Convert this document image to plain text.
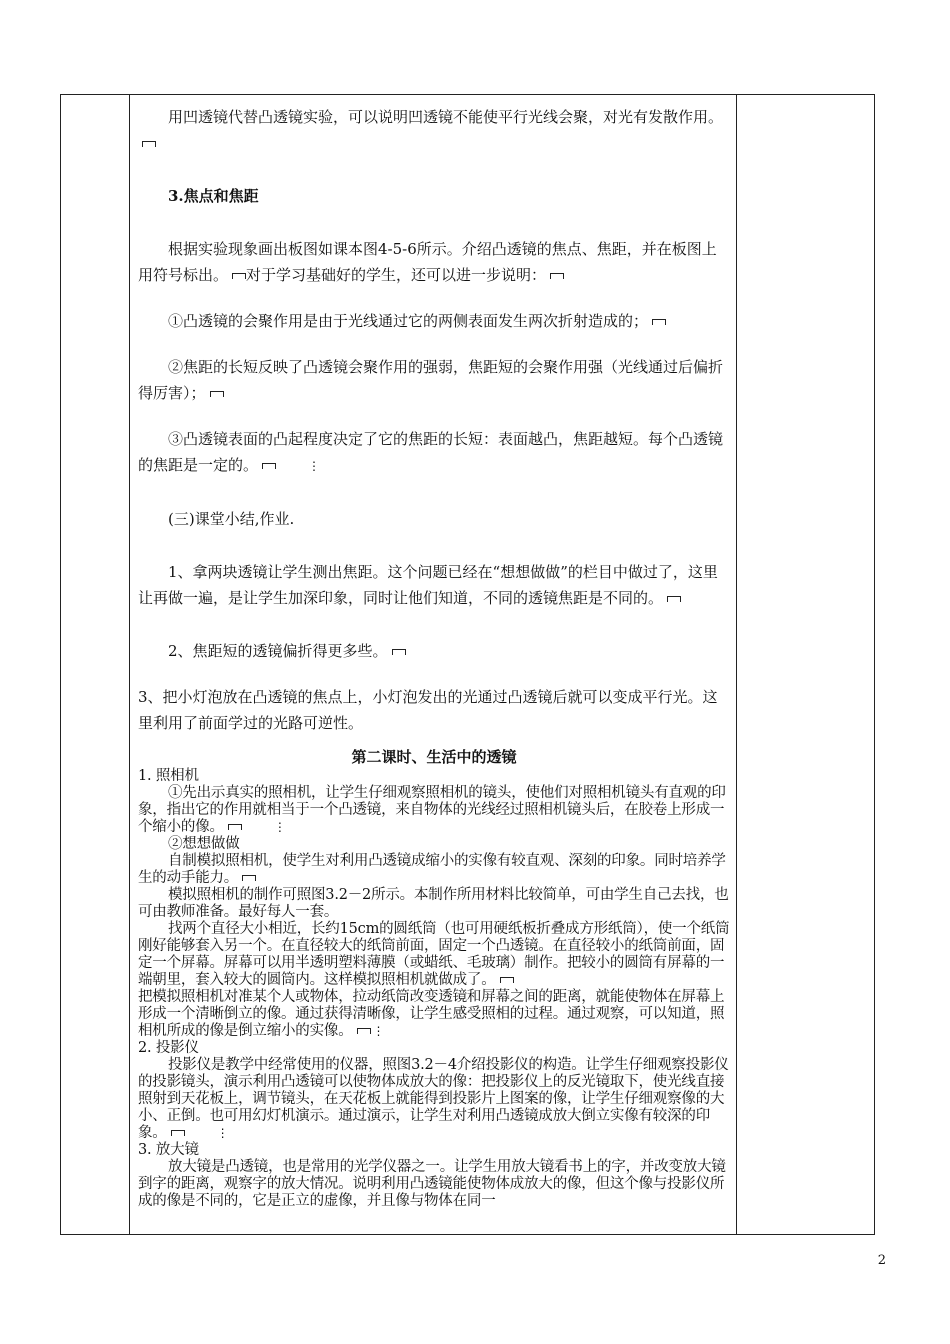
用凹透镜代替凸透镜实验，可以说明凹透镜不能使平行光线会聚，对光有发散作用。

3.焦点和焦距

根据实验现象画出板图如课本图4-5-6所示。介绍凸透镜的焦点、焦距，并在板图上用符号标出。 对于学习基础好的学生，还可以进一步说明：

①凸透镜的会聚作用是由于光线通过它的两侧表面发生两次折射造成的；

②焦距的长短反映了凸透镜会聚作用的强弱，焦距短的会聚作用强（光线通过后偏折得厉害）；

③凸透镜表面的凸起程度决定了它的焦距的长短：表面越凸，焦距越短。每个凸透镜的焦距是一定的。	⋮

(三)课堂小结,作业.

1、拿两块透镜让学生测出焦距。这个问题已经在“想想做做”的栏目中做过了，这里让再做一遍，是让学生加深印象，同时让他们知道，不同的透镜焦距是不同的。

2、焦距短的透镜偏折得更多些。

3、把小灯泡放在凸透镜的焦点上，小灯泡发出的光通过凸透镜后就可以变成平行光。这里利用了前面学过的光路可逆性。

第二课时、生活中的透镜

1. 照相机

①先出示真实的照相机，让学生仔细观察照相机的镜头，使他们对照相机镜头有直观的印象，指出它的作用就相当于一个凸透镜，来自物体的光线经过照相机镜头后，在胶卷上形成一个缩小的像。	⋮

②想想做做

自制模拟照相机，使学生对利用凸透镜成缩小的实像有较直观、深刻的印象。同时培养学生的动手能力。

模拟照相机的制作可照图3.2－2所示。本制作所用材料比较简单，可由学生自己去找，也可由教师准备。最好每人一套。

找两个直径大小相近，长约15cm的圆纸筒（也可用硬纸板折叠成方形纸筒），使一个纸筒刚好能够套入另一个。在直径较大的纸筒前面，固定一个凸透镜。在直径较小的纸筒前面，固定一个屏幕。屏幕可以用半透明塑料薄膜（或蜡纸、毛玻璃）制作。把较小的圆筒有屏幕的一端朝里，套入较大的圆筒内。这样模拟照相机就做成了。

把模拟照相机对准某个人或物体，拉动纸筒改变透镜和屏幕之间的距离，就能使物体在屏幕上形成一个清晰倒立的像。通过获得清晰像，让学生感受照相的过程。通过观察，可以知道，照相机所成的像是倒立缩小的实像。 ⋮

2. 投影仪

投影仪是教学中经常使用的仪器，照图3.2－4介绍投影仪的构造。让学生仔细观察投影仪的投影镜头，演示利用凸透镜可以使物体成放大的像：把投影仪上的反光镜取下，使光线直接照射到天花板上，调节镜头，在天花板上就能得到投影片上图案的像，让学生仔细观察像的大小、正倒。也可用幻灯机演示。通过演示，让学生对利用凸透镜成放大倒立实像有较深的印象。	⋮

3. 放大镜

放大镜是凸透镜，也是常用的光学仪器之一。让学生用放大镜看书上的字，并改变放大镜到字的距离，观察字的放大情况。说明利用凸透镜能使物体成放大的像，但这个像与投影仪所成的像是不同的，它是正立的虚像，并且像与物体在同一

2
